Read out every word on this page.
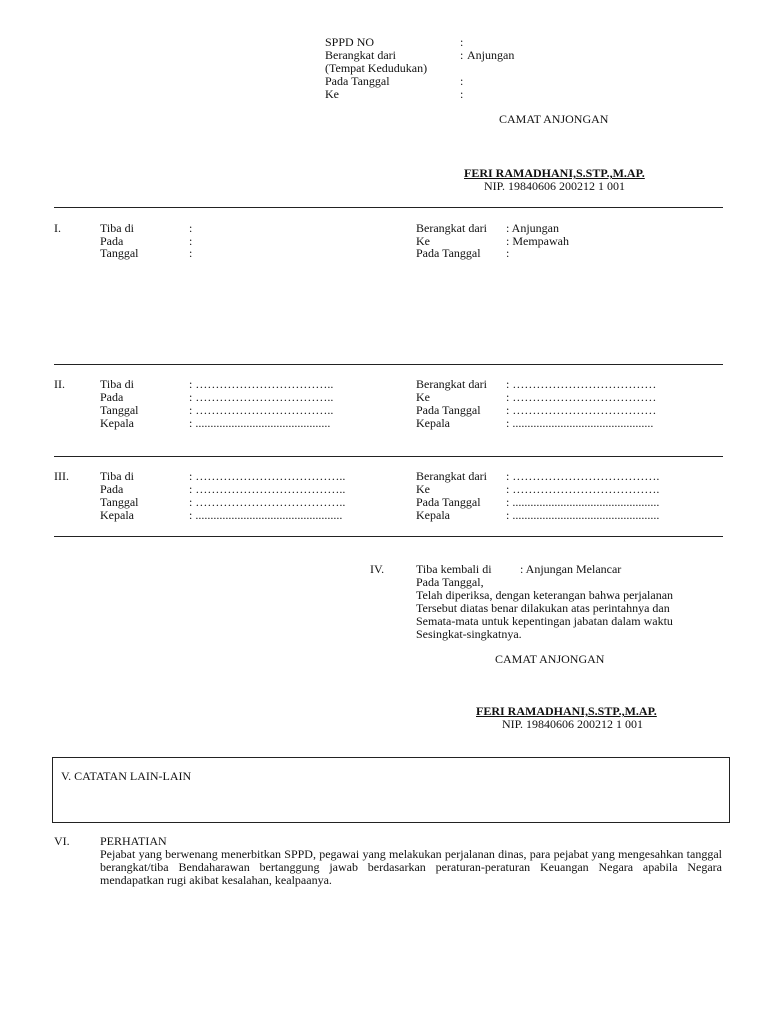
SPPD NO	:
Berangkat dari	: Anjungan
(Tempat Kedudukan)
Pada Tanggal	:
Ke	:
CAMAT ANJONGAN
FERI RAMADHANI,S.STP.,M.AP.
NIP. 19840606 200212 1 001
I.	Tiba di	:
Pada	:
Tanggal	:
Berangkat dari : Anjungan
Ke	: Mempawah
Pada Tanggal :
II.	Tiba di	: ……………………………..
Pada	: ……………………………..
Tanggal	: ……………………………..
Kepala	: .............................................
Berangkat dari : ………………………………
Ke	: ………………………………
Pada Tanggal : ………………………………
Kepala	: ...............................................
III.	Tiba di	: ………………………………..
Pada	: ………………………………..
Tanggal	: ………………………………..
Kepala	: .................................................
Berangkat dari : ……………………………….
Ke	: ……………………………….
Pada Tanggal : .................................................
Kepala	: .................................................
IV.	Tiba kembali di : Anjungan Melancar
Pada Tanggal,
Telah diperiksa, dengan keterangan bahwa perjalanan
Tersebut diatas benar dilakukan atas perintahnya dan
Semata-mata untuk kepentingan jabatan dalam waktu
Sesingkat-singkatnya.
CAMAT ANJONGAN
FERI RAMADHANI,S.STP.,M.AP.
NIP. 19840606 200212 1 001
V. CATATAN LAIN-LAIN
VI.	PERHATIAN
Pejabat yang berwenang menerbitkan SPPD, pegawai yang melakukan perjalanan dinas, para pejabat yang mengesahkan tanggal berangkat/tiba Bendaharawan bertanggung jawab berdasarkan peraturan-peraturan Keuangan Negara apabila Negara mendapatkan rugi akibat kesalahan, kealpaanya.
